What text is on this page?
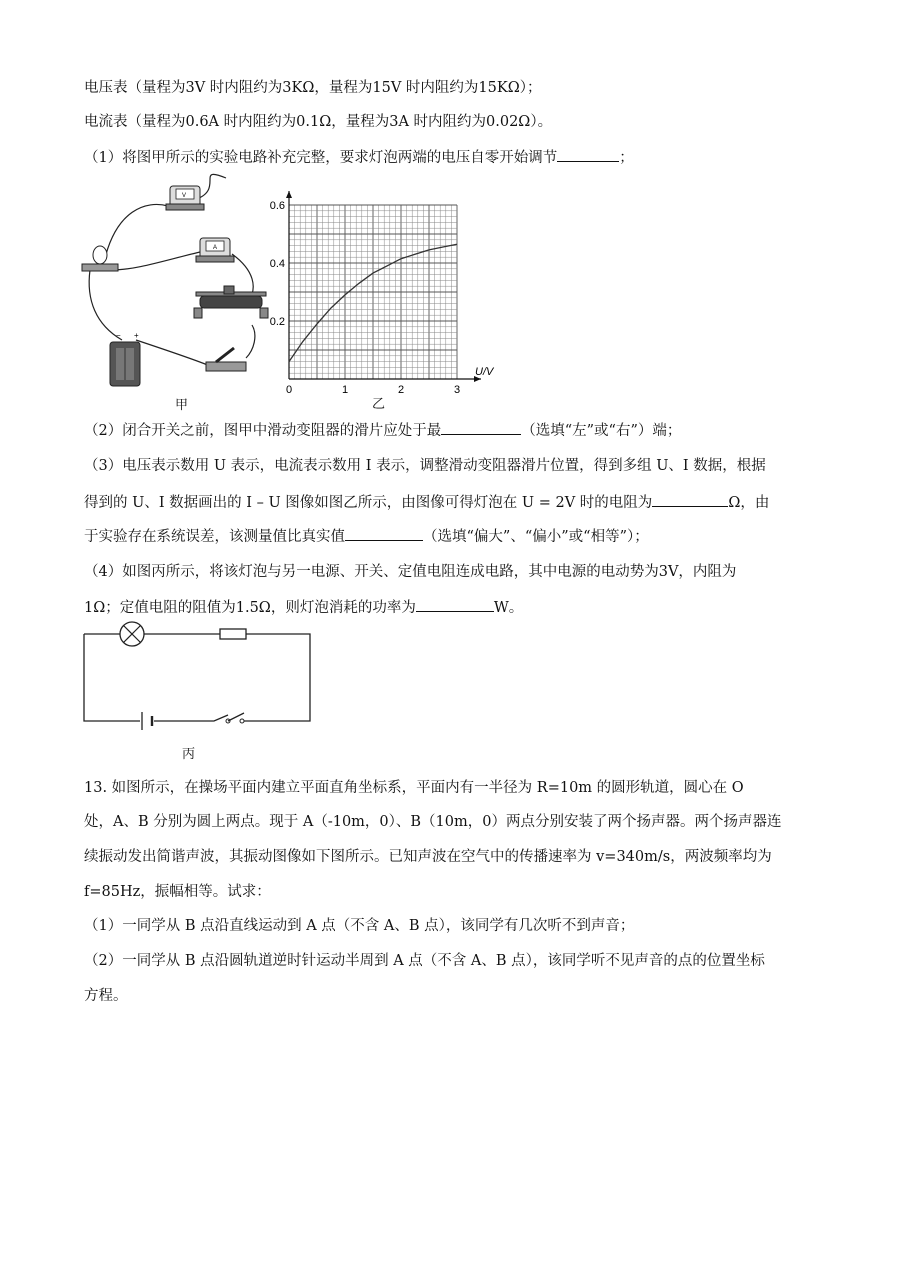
电压表（量程为3V 时内阻约为3KΩ，量程为15V 时内阻约为15KΩ）；
电流表（量程为0.6A 时内阻约为0.1Ω，量程为3A 时内阻约为0.02Ω）。
（1）将图甲所示的实验电路补充完整，要求灯泡两端的电压自零开始调节	；
V
A
− +
甲
0	1	2	3
0.2
0.4
0.6
U/V
乙
（2）闭合开关之前，图甲中滑动变阻器的滑片应处于最	（选填“左”或“右”）端；
（3）电压表示数用 U 表示，电流表示数用 I 表示，调整滑动变阻器滑片位置，得到多组 U、I 数据，根据
得到的 U、I 数据画出的 I – U 图像如图乙所示，由图像可得灯泡在 U = 2V 时的电阻为	Ω，由
于实验存在系统误差，该测量值比真实值	（选填“偏大”、“偏小”或“相等”）；
（4）如图丙所示，将该灯泡与另一电源、开关、定值电阻连成电路，其中电源的电动势为3V，内阻为
1Ω；定值电阻的阻值为1.5Ω，则灯泡消耗的功率为	W。
丙
13. 如图所示，在操场平面内建立平面直角坐标系，平面内有一半径为 R=10m 的圆形轨道，圆心在 O
处，A、B 分别为圆上两点。现于 A（-10m，0）、B（10m，0）两点分别安装了两个扬声器。两个扬声器连
续振动发出简谐声波，其振动图像如下图所示。已知声波在空气中的传播速率为 v=340m/s，两波频率均为
f=85Hz，振幅相等。试求：
（1）一同学从 B 点沿直线运动到 A 点（不含 A、B 点），该同学有几次听不到声音；
（2）一同学从 B 点沿圆轨道逆时针运动半周到 A 点（不含 A、B 点），该同学听不见声音的点的位置坐标
方程。
